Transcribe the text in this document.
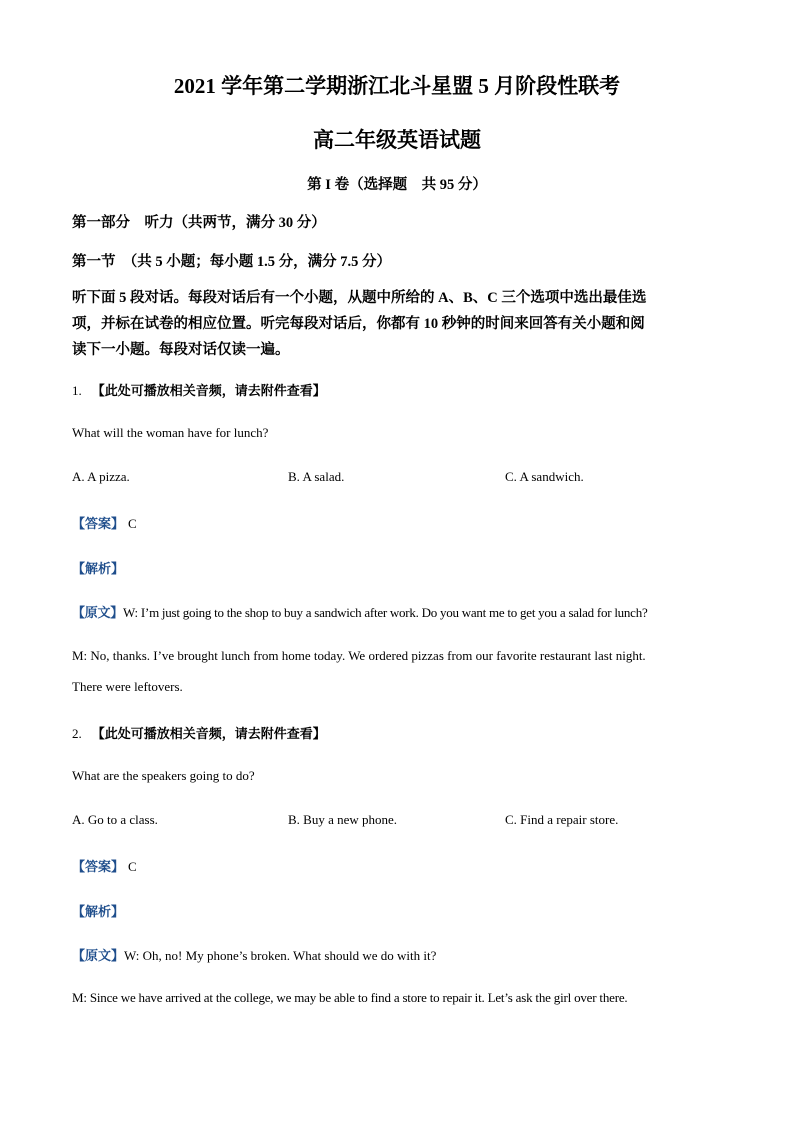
2021 学年第二学期浙江北斗星盟 5 月阶段性联考
高二年级英语试题
第 I 卷（选择题　共 95 分）
第一部分　听力（共两节，满分 30 分）
第一节　（共 5 小题；每小题 1.5 分，满分 7.5 分）
听下面 5 段对话。每段对话后有一个小题，从题中所给的 A、B、C 三个选项中选出最佳选
项，并标在试卷的相应位置。听完每段对话后，你都有 10 秒钟的时间来回答有关小题和阅
读下一小题。每段对话仅读一遍。
1. 【此处可播放相关音频，请去附件查看】
What will the woman have for lunch?
A. A pizza.	B. A salad.	C. A sandwich.
【答案】 C
【解析】
【原文】W: I’m just going to the shop to buy a sandwich after work. Do you want me to get you a salad for lunch?
M: No, thanks. I’ve brought lunch from home today. We ordered pizzas from our favorite restaurant last night.
There were leftovers.
2. 【此处可播放相关音频，请去附件查看】
What are the speakers going to do?
A. Go to a class.	B. Buy a new phone.	C. Find a repair store.
【答案】 C
【解析】
【原文】W: Oh, no! My phone’s broken. What should we do with it?
M: Since we have arrived at the college, we may be able to find a store to repair it. Let’s ask the girl over there.
